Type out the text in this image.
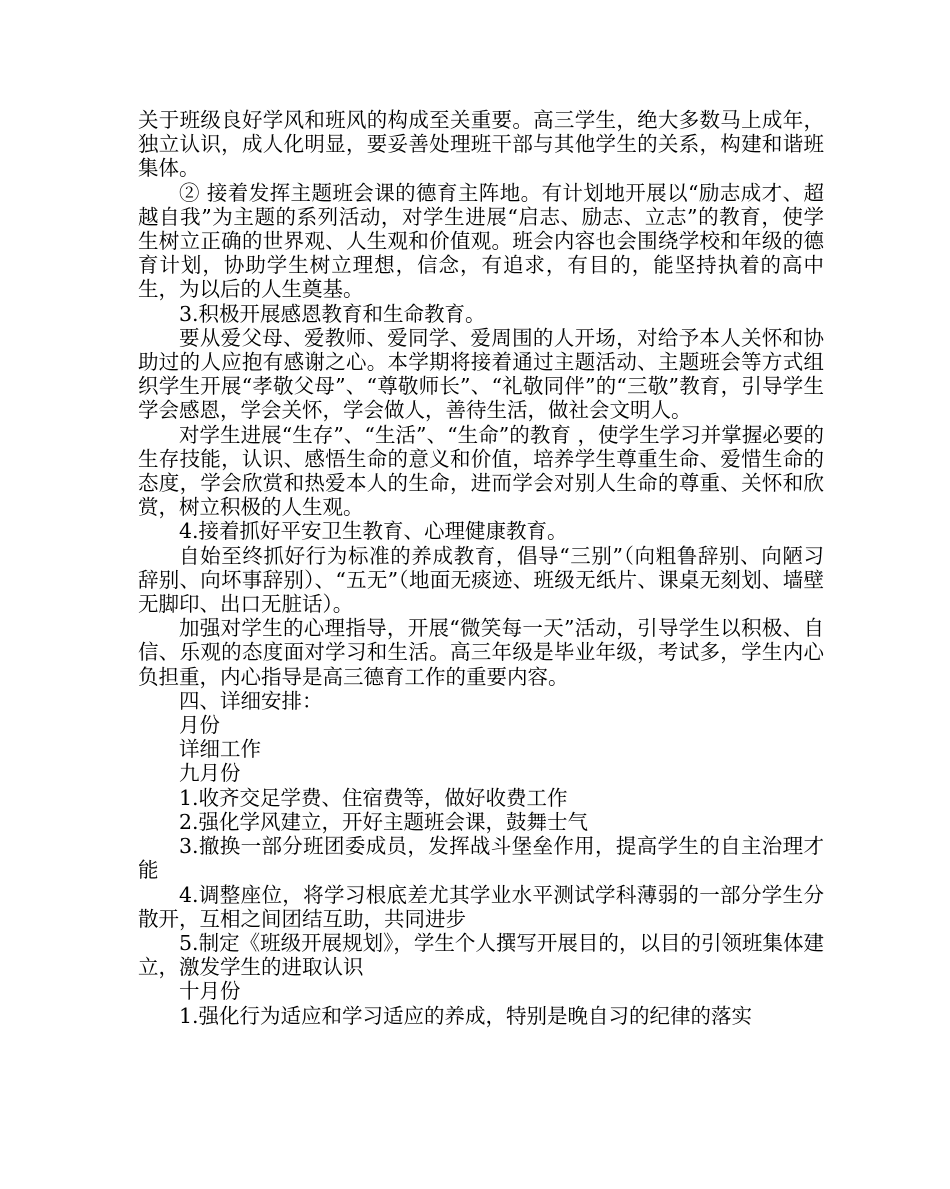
关于班级良好学风和班风的构成至关重要。高三学生，绝大多数马上成年，独立认识，成人化明显，要妥善处理班干部与其他学生的关系，构建和谐班集体。

② 接着发挥主题班会课的德育主阵地。有计划地开展以“励志成才、超越自我”为主题的系列活动，对学生进展“启志、励志、立志”的教育，使学生树立正确的世界观、人生观和价值观。班会内容也会围绕学校和年级的德育计划，协助学生树立理想，信念，有追求，有目的，能坚持执着的高中生，为以后的人生奠基。

3.积极开展感恩教育和生命教育。

要从爱父母、爱教师、爱同学、爱周围的人开场，对给予本人关怀和协助过的人应抱有感谢之心。本学期将接着通过主题活动、主题班会等方式组织学生开展“孝敬父母”、“尊敬师长”、“礼敬同伴”的“三敬”教育，引导学生学会感恩，学会关怀，学会做人，善待生活，做社会文明人。

对学生进展“生存”、“生活”、“生命”的教育 ，使学生学习并掌握必要的生存技能，认识、感悟生命的意义和价值，培养学生尊重生命、爱惜生命的态度，学会欣赏和热爱本人的生命，进而学会对别人生命的尊重、关怀和欣赏，树立积极的人生观。

4.接着抓好平安卫生教育、心理健康教育。

自始至终抓好行为标准的养成教育，倡导“三别”（向粗鲁辞别、向陋习辞别、向坏事辞别）、“五无”（地面无痰迹、班级无纸片、课桌无刻划、墙壁无脚印、出口无脏话）。

加强对学生的心理指导，开展“微笑每一天”活动，引导学生以积极、自信、乐观的态度面对学习和生活。高三年级是毕业年级，考试多，学生内心负担重，内心指导是高三德育工作的重要内容。

四、详细安排：

月份

详细工作

九月份

1.收齐交足学费、住宿费等，做好收费工作

2.强化学风建立，开好主题班会课，鼓舞士气

3.撤换一部分班团委成员，发挥战斗堡垒作用，提高学生的自主治理才能

4.调整座位，将学习根底差尤其学业水平测试学科薄弱的一部分学生分散开，互相之间团结互助，共同进步

5.制定《班级开展规划》，学生个人撰写开展目的，以目的引领班集体建立，激发学生的进取认识

十月份

1.强化行为适应和学习适应的养成，特别是晚自习的纪律的落实
